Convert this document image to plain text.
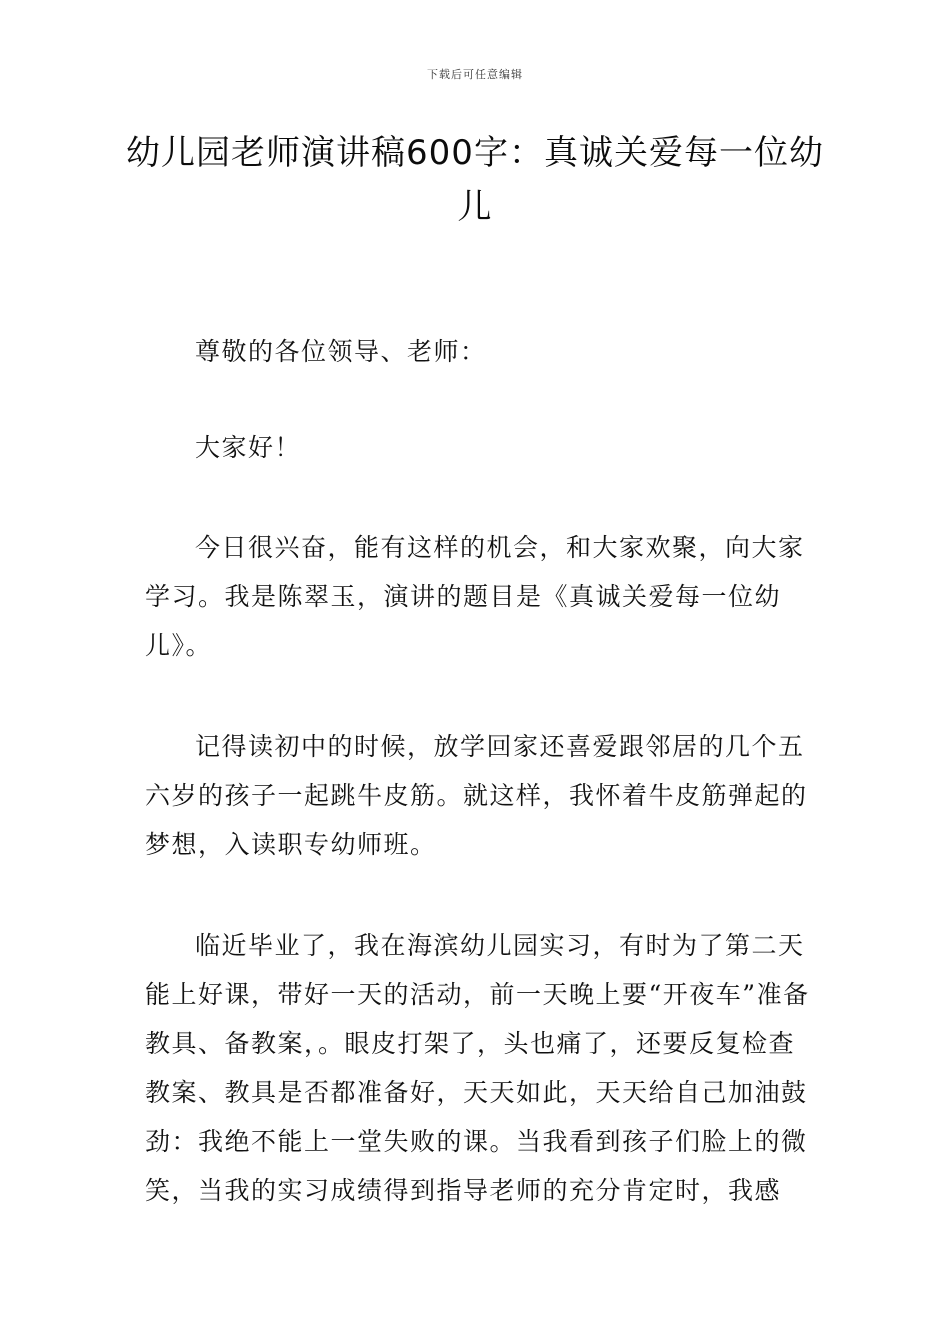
下载后可任意编辑
幼儿园老师演讲稿600字：真诚关爱每一位幼儿

尊敬的各位领导、老师：

大家好！

今日很兴奋，能有这样的机会，和大家欢聚，向大家学习。我是陈翠玉，演讲的题目是《真诚关爱每一位幼儿》。

记得读初中的时候，放学回家还喜爱跟邻居的几个五六岁的孩子一起跳牛皮筋。就这样，我怀着牛皮筋弹起的梦想，入读职专幼师班。

临近毕业了，我在海滨幼儿园实习，有时为了第二天能上好课，带好一天的活动，前一天晚上要“开夜车”准备教具、备教案，。眼皮打架了，头也痛了，还要反复检查教案、教具是否都准备好，天天如此，天天给自己加油鼓劲：我绝不能上一堂失败的课。当我看到孩子们脸上的微笑，当我的实习成绩得到指导老师的充分肯定时，我感
